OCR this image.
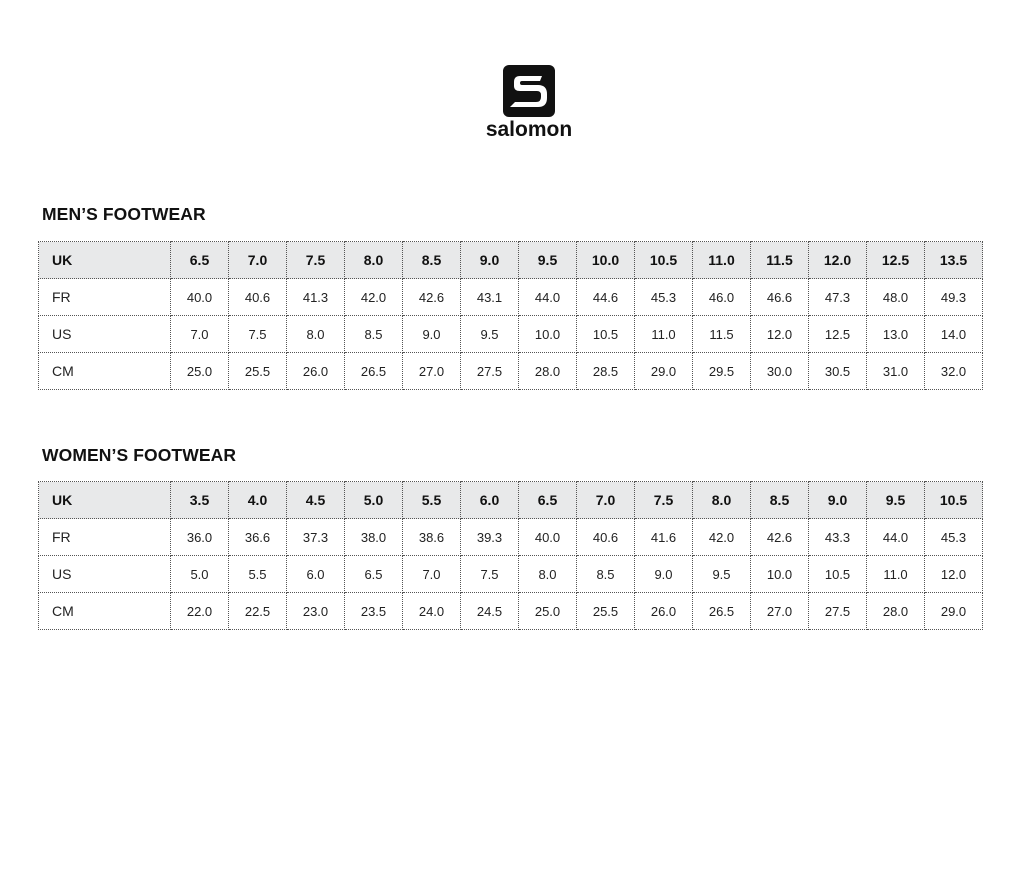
salomon
MEN’S FOOTWEAR
UK	6.5	7.0	7.5	8.0	8.5	9.0	9.5	10.0	10.5	11.0	11.5	12.0	12.5	13.5
FR	40.0	40.6	41.3	42.0	42.6	43.1	44.0	44.6	45.3	46.0	46.6	47.3	48.0	49.3
US	7.0	7.5	8.0	8.5	9.0	9.5	10.0	10.5	11.0	11.5	12.0	12.5	13.0	14.0
CM	25.0	25.5	26.0	26.5	27.0	27.5	28.0	28.5	29.0	29.5	30.0	30.5	31.0	32.0
WOMEN’S FOOTWEAR
UK	3.5	4.0	4.5	5.0	5.5	6.0	6.5	7.0	7.5	8.0	8.5	9.0	9.5	10.5
FR	36.0	36.6	37.3	38.0	38.6	39.3	40.0	40.6	41.6	42.0	42.6	43.3	44.0	45.3
US	5.0	5.5	6.0	6.5	7.0	7.5	8.0	8.5	9.0	9.5	10.0	10.5	11.0	12.0
CM	22.0	22.5	23.0	23.5	24.0	24.5	25.0	25.5	26.0	26.5	27.0	27.5	28.0	29.0
